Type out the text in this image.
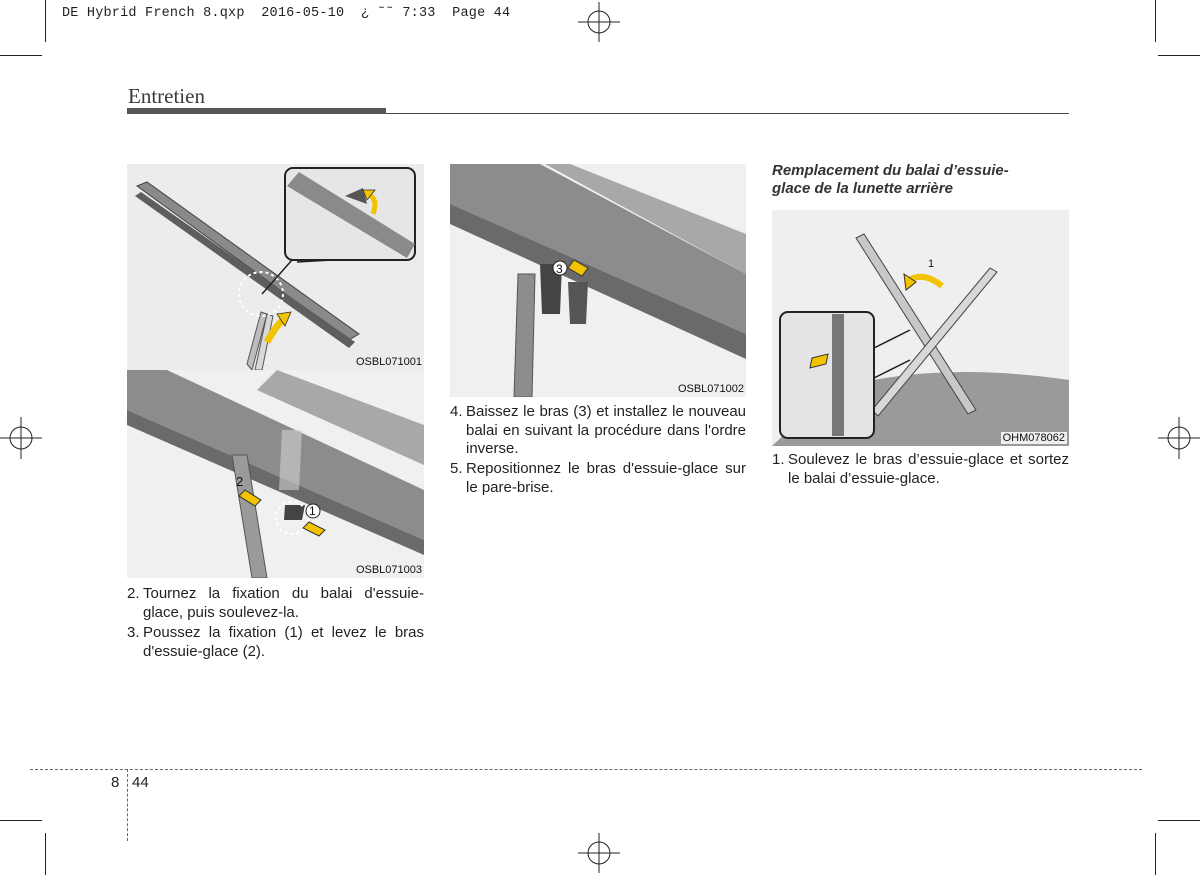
DE Hybrid French 8.qxp  2016-05-10  ¿ ˜˜ 7:33  Page 44
Entretien
OSBL071001
2
1
OSBL071003
3
OSBL071002
1
OHM078062
2. Tournez la fixation du balai d'essuie-glace, puis soulevez-la.
3. Poussez la fixation (1) et levez le bras d'essuie-glace (2).
4. Baissez le bras (3) et installez le nouveau balai en suivant la procédure dans l'ordre inverse.
5. Repositionnez le bras d'essuie-glace sur le pare-brise.
Remplacement du balai d’essuie-glace de la lunette arrière
1. Soulevez le bras d’essuie-glace et sortez le balai d’essuie-glace.
8 44
